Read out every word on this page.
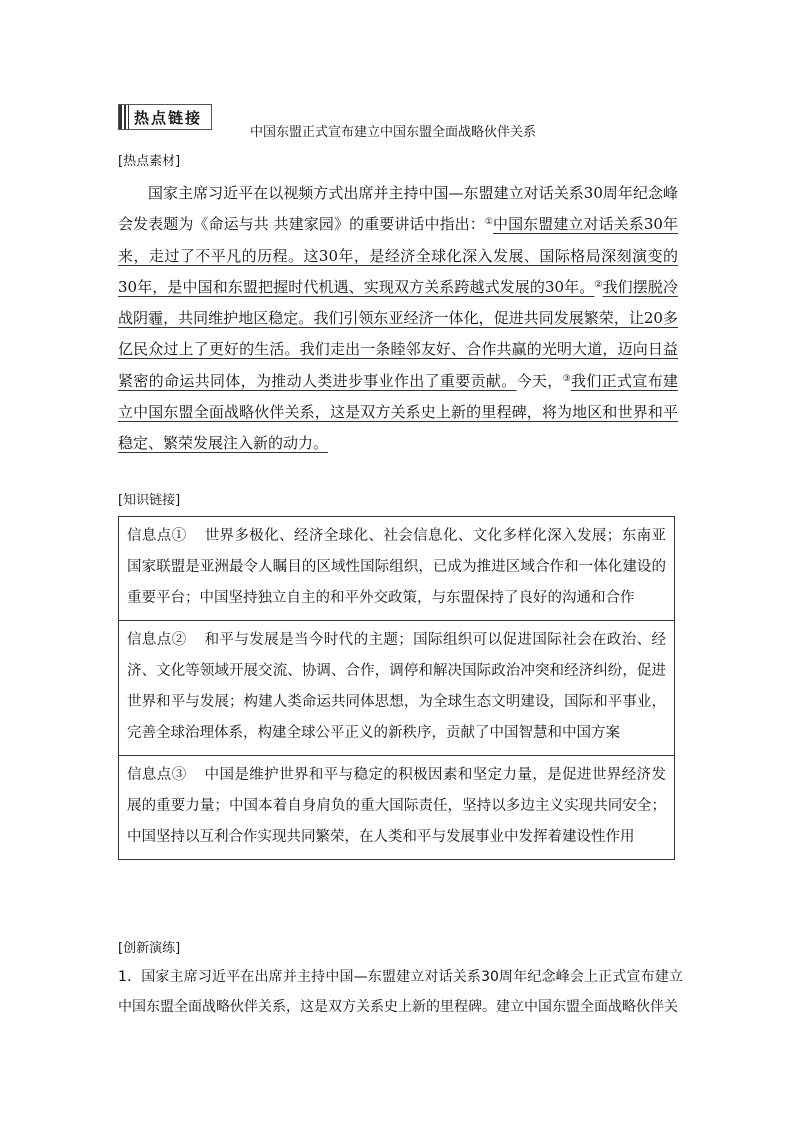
热点链接
中国东盟正式宣布建立中国东盟全面战略伙伴关系
[热点素材]
国家主席习近平在以视频方式出席并主持中国—东盟建立对话关系30周年纪念峰会发表题为《命运与共 共建家园》的重要讲话中指出：①中国东盟建立对话关系30年来，走过了不平凡的历程。这30年，是经济全球化深入发展、国际格局深刻演变的30年，是中国和东盟把握时代机遇、实现双方关系跨越式发展的30年。②我们摆脱冷战阴霾，共同维护地区稳定。我们引领东亚经济一体化，促进共同发展繁荣，让20多亿民众过上了更好的生活。我们走出一条睦邻友好、合作共赢的光明大道，迈向日益紧密的命运共同体，为推动人类进步事业作出了重要贡献。今天，③我们正式宣布建立中国东盟全面战略伙伴关系，这是双方关系史上新的里程碑，将为地区和世界和平稳定、繁荣发展注入新的动力。
[知识链接]
信息点① 世界多极化、经济全球化、社会信息化、文化多样化深入发展；东南亚国家联盟是亚洲最令人瞩目的区域性国际组织，已成为推进区域合作和一体化建设的重要平台；中国坚持独立自主的和平外交政策，与东盟保持了良好的沟通和合作
信息点② 和平与发展是当今时代的主题；国际组织可以促进国际社会在政治、经济、文化等领域开展交流、协调、合作，调停和解决国际政治冲突和经济纠纷，促进世界和平与发展；构建人类命运共同体思想，为全球生态文明建设，国际和平事业，完善全球治理体系，构建全球公平正义的新秩序，贡献了中国智慧和中国方案
信息点③ 中国是维护世界和平与稳定的积极因素和坚定力量，是促进世界经济发展的重要力量；中国本着自身肩负的重大国际责任，坚持以多边主义实现共同安全；中国坚持以互利合作实现共同繁荣，在人类和平与发展事业中发挥着建设性作用
[创新演练]
1．国家主席习近平在出席并主持中国—东盟建立对话关系30周年纪念峰会上正式宣布建立中国东盟全面战略伙伴关系，这是双方关系史上新的里程碑。建立中国东盟全面战略伙伴关
